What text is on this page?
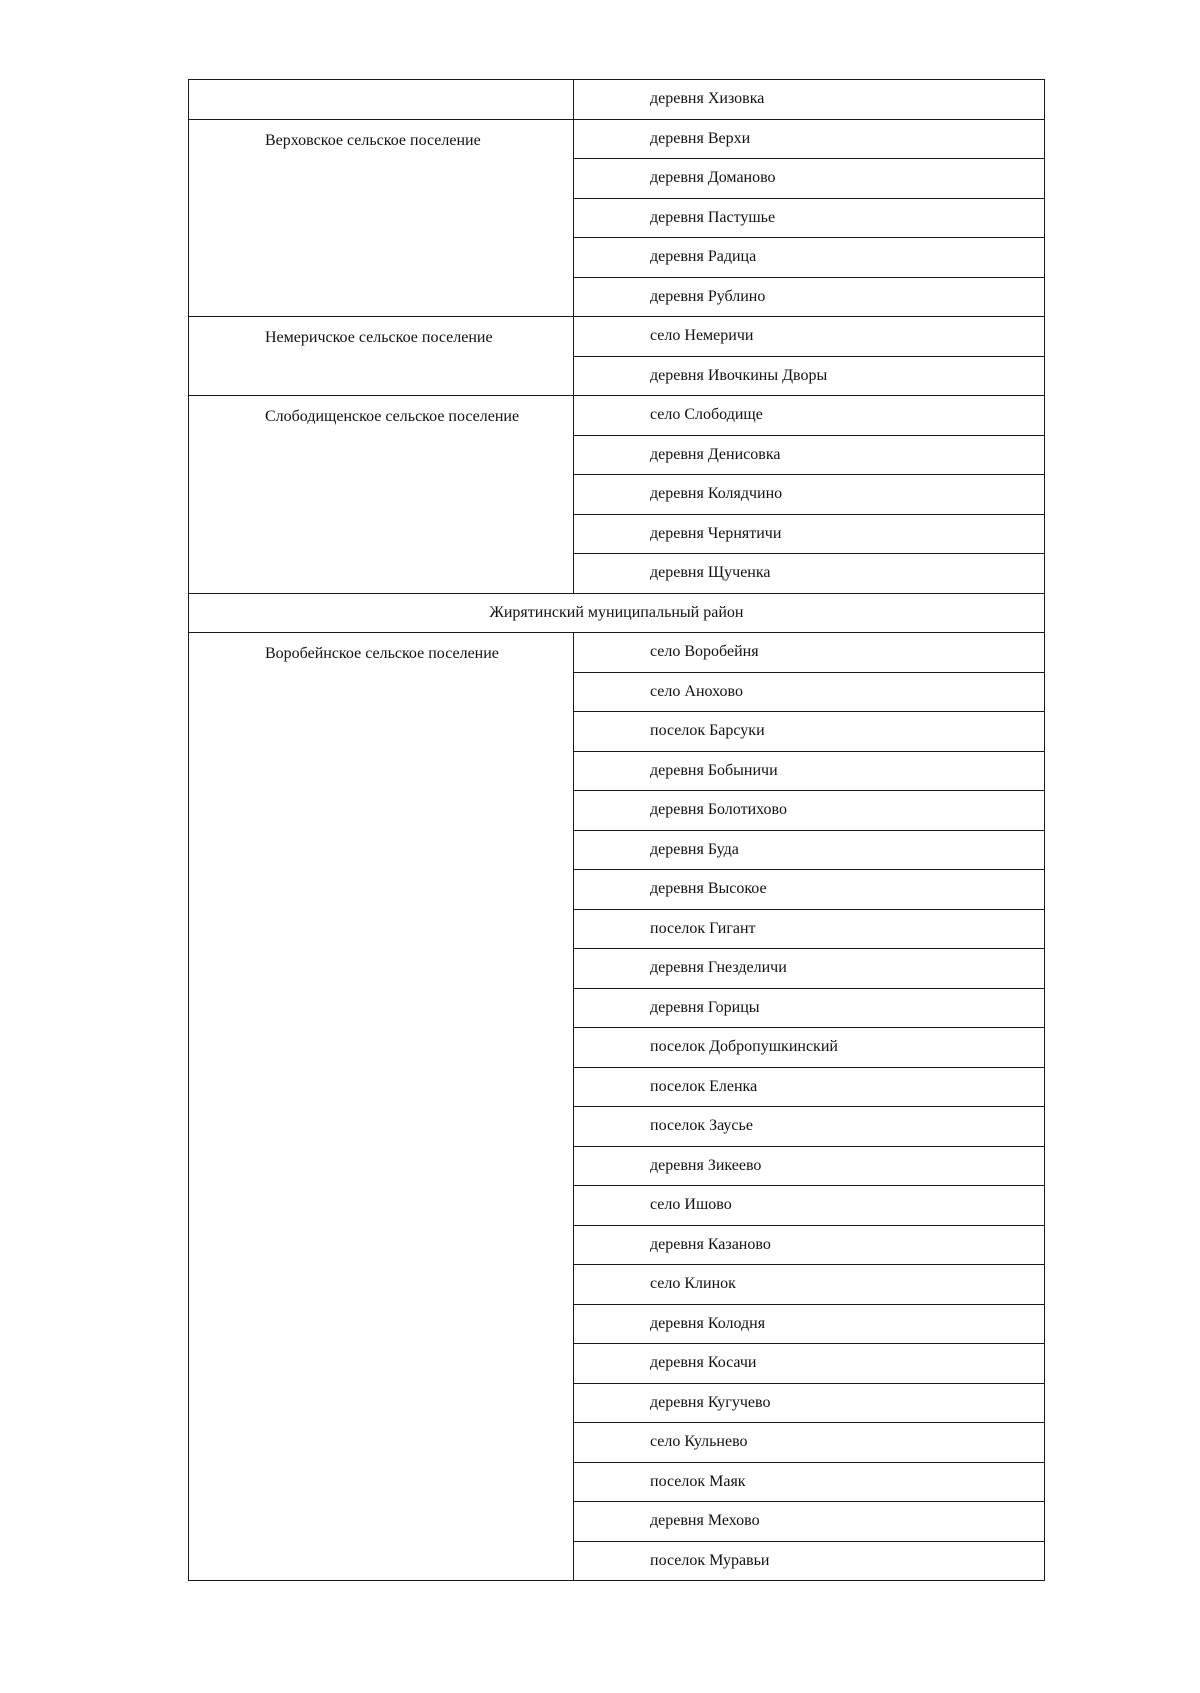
	деревня Хизовка
Верховское сельское поселение	деревня Верхи
	деревня Доманово
	деревня Пастушье
	деревня Радица
	деревня Рублино
Немеричское сельское поселение	село Немеричи
	деревня Ивочкины Дворы
Слободищенское сельское поселение	село Слободище
	деревня Денисовка
	деревня Колядчино
	деревня Чернятичи
	деревня Щученка
Жирятинский муниципальный район	
Воробейнское сельское поселение	село Воробейня
	село Анохово
	поселок Барсуки
	деревня Бобыничи
	деревня Болотихово
	деревня Буда
	деревня Высокое
	поселок Гигант
	деревня Гнезделичи
	деревня Горицы
	поселок Добропушкинский
	поселок Еленка
	поселок Заусье
	деревня Зикеево
	село Ишово
	деревня Казаново
	село Клинок
	деревня Колодня
	деревня Косачи
	деревня Кугучево
	село Кульнево
	поселок Маяк
	деревня Мехово
	поселок Муравьи
